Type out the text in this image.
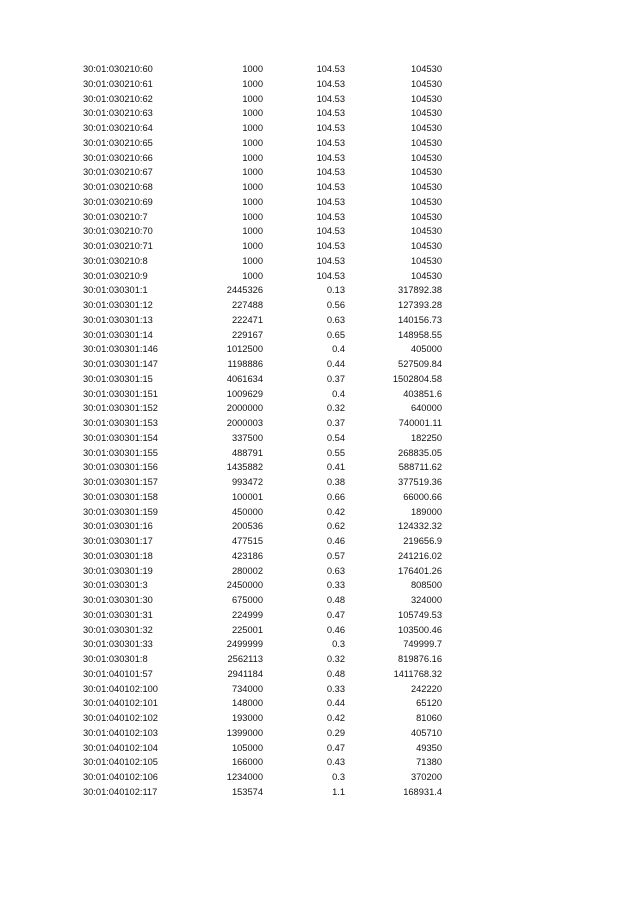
	30:01:030210:60	1000	104.53	104530
	30:01:030210:61	1000	104.53	104530
	30:01:030210:62	1000	104.53	104530
	30:01:030210:63	1000	104.53	104530
	30:01:030210:64	1000	104.53	104530
	30:01:030210:65	1000	104.53	104530
	30:01:030210:66	1000	104.53	104530
	30:01:030210:67	1000	104.53	104530
	30:01:030210:68	1000	104.53	104530
	30:01:030210:69	1000	104.53	104530
	30:01:030210:7	1000	104.53	104530
	30:01:030210:70	1000	104.53	104530
	30:01:030210:71	1000	104.53	104530
	30:01:030210:8	1000	104.53	104530
	30:01:030210:9	1000	104.53	104530
	30:01:030301:1	2445326	0.13	317892.38
	30:01:030301:12	227488	0.56	127393.28
	30:01:030301:13	222471	0.63	140156.73
	30:01:030301:14	229167	0.65	148958.55
	30:01:030301:146	1012500	0.4	405000
	30:01:030301:147	1198886	0.44	527509.84
	30:01:030301:15	4061634	0.37	1502804.58
	30:01:030301:151	1009629	0.4	403851.6
	30:01:030301:152	2000000	0.32	640000
	30:01:030301:153	2000003	0.37	740001.11
	30:01:030301:154	337500	0.54	182250
	30:01:030301:155	488791	0.55	268835.05
	30:01:030301:156	1435882	0.41	588711.62
	30:01:030301:157	993472	0.38	377519.36
	30:01:030301:158	100001	0.66	66000.66
	30:01:030301:159	450000	0.42	189000
	30:01:030301:16	200536	0.62	124332.32
	30:01:030301:17	477515	0.46	219656.9
	30:01:030301:18	423186	0.57	241216.02
	30:01:030301:19	280002	0.63	176401.26
	30:01:030301:3	2450000	0.33	808500
	30:01:030301:30	675000	0.48	324000
	30:01:030301:31	224999	0.47	105749.53
	30:01:030301:32	225001	0.46	103500.46
	30:01:030301:33	2499999	0.3	749999.7
	30:01:030301:8	2562113	0.32	819876.16
	30:01:040101:57	2941184	0.48	1411768.32
	30:01:040102:100	734000	0.33	242220
	30:01:040102:101	148000	0.44	65120
	30:01:040102:102	193000	0.42	81060
	30:01:040102:103	1399000	0.29	405710
	30:01:040102:104	105000	0.47	49350
	30:01:040102:105	166000	0.43	71380
	30:01:040102:106	1234000	0.3	370200
	30:01:040102:117	153574	1.1	168931.4
